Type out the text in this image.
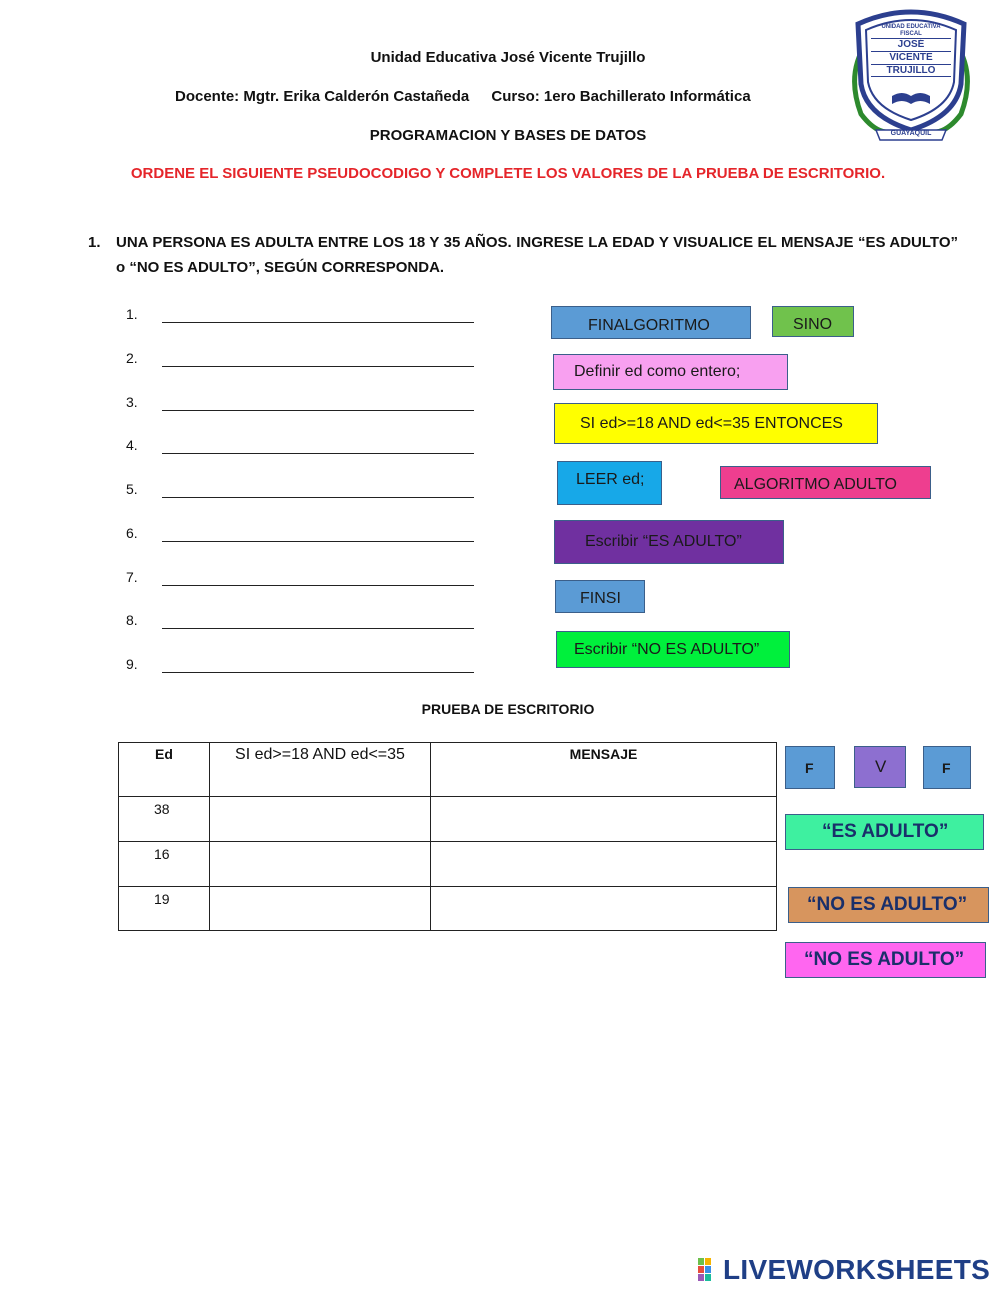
Unidad Educativa José Vicente Trujillo
Docente: Mgtr. Erika Calderón Castañeda Curso: 1ero Bachillerato Informática
PROGRAMACION Y BASES DE DATOS
ORDENE EL SIGUIENTE PSEUDOCODIGO Y COMPLETE LOS VALORES DE LA PRUEBA DE ESCRITORIO.
UNIDAD EDUCATIVA FISCAL
JOSÉ
VICENTE
TRUJILLO
GUAYAQUIL
1. UNA PERSONA ES ADULTA ENTRE LOS 18 Y 35 AÑOS. INGRESE LA EDAD Y VISUALICE EL MENSAJE “ES ADULTO” o “NO ES ADULTO”, SEGÚN CORRESPONDA.
1.
2.
3.
4.
5.
6.
7.
8.
9.
FINALGORITMO	SINO
Definir ed como entero;
SI ed>=18 AND ed<=35 ENTONCES
LEER ed;	ALGORITMO ADULTO
Escribir “ES ADULTO”
FINSI
Escribir “NO ES ADULTO”
PRUEBA DE ESCRITORIO
Ed	SI ed>=18 AND ed<=35	MENSAJE
38		
16		
19		
F	V	F
“ES ADULTO”
“NO ES ADULTO”
“NO ES ADULTO”
LIVEWORKSHEETS
